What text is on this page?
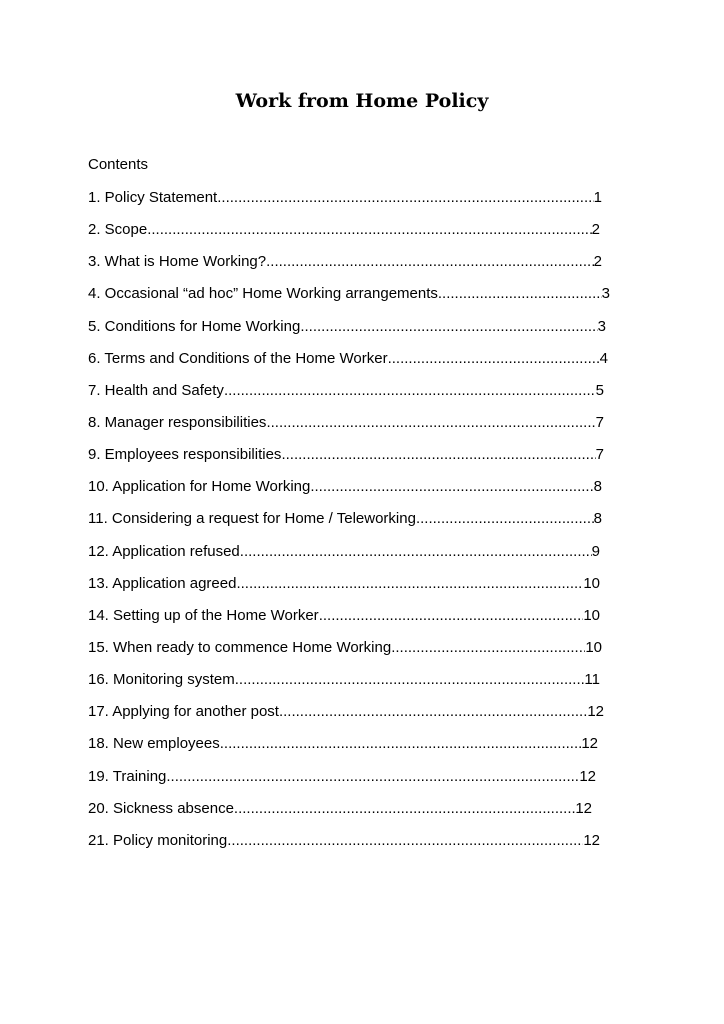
Work from Home Policy

Contents

1. Policy Statement .....	1
2. Scope .....	2
3. What is Home Working? .....	2
4. Occasional “ad hoc” Home Working arrangements .....	3
5. Conditions for Home Working .....	3
6. Terms and Conditions of the Home Worker .....	4
7. Health and Safety .....	5
8. Manager responsibilities .....	7
9. Employees responsibilities .....	7
10. Application for Home Working .....	8
11. Considering a request for Home / Teleworking .....	8
12. Application refused .....	9
13. Application agreed .....	10
14. Setting up of the Home Worker .....	10
15. When ready to commence Home Working .....	10
16. Monitoring system .....	11
17. Applying for another post .....	12
18. New employees .....	12
19. Training .....	12
20. Sickness absence .....	12
21. Policy monitoring .....	12
